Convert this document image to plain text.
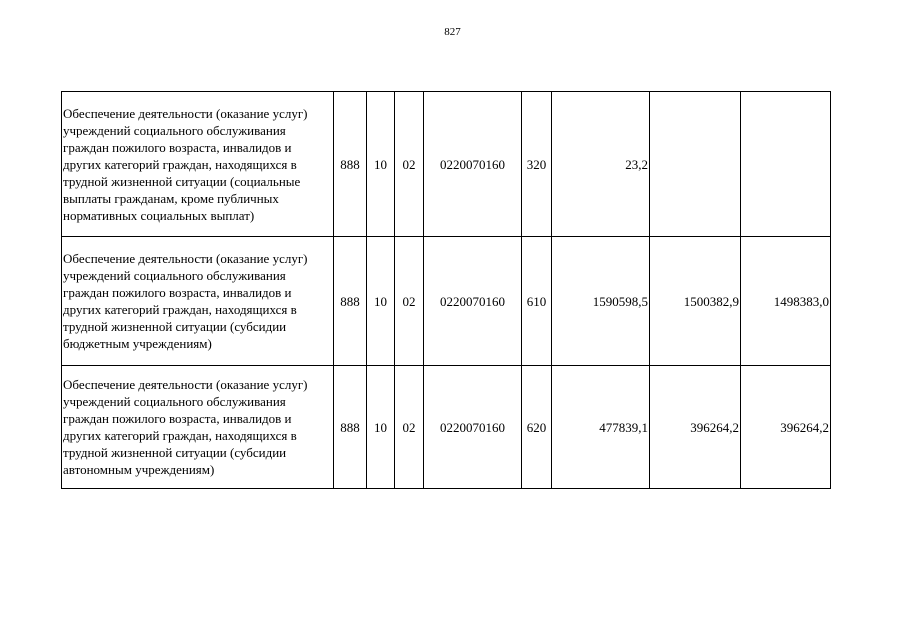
827
Обеспечение деятельности (оказание услуг) учреждений социального обслуживания граждан пожилого возраста, инвалидов и других категорий граждан, находящихся в трудной жизненной ситуации (социальные выплаты гражданам, кроме публичных нормативных социальных выплат)	888	10	02	0220070160	320	23,2		
Обеспечение деятельности (оказание услуг) учреждений социального обслуживания граждан пожилого возраста, инвалидов и других категорий граждан, находящихся в трудной жизненной ситуации (субсидии бюджетным учреждениям)	888	10	02	0220070160	610	1590598,5	1500382,9	1498383,0
Обеспечение деятельности (оказание услуг) учреждений социального обслуживания граждан пожилого возраста, инвалидов и других категорий граждан, находящихся в трудной жизненной ситуации (субсидии автономным учреждениям)	888	10	02	0220070160	620	477839,1	396264,2	396264,2
